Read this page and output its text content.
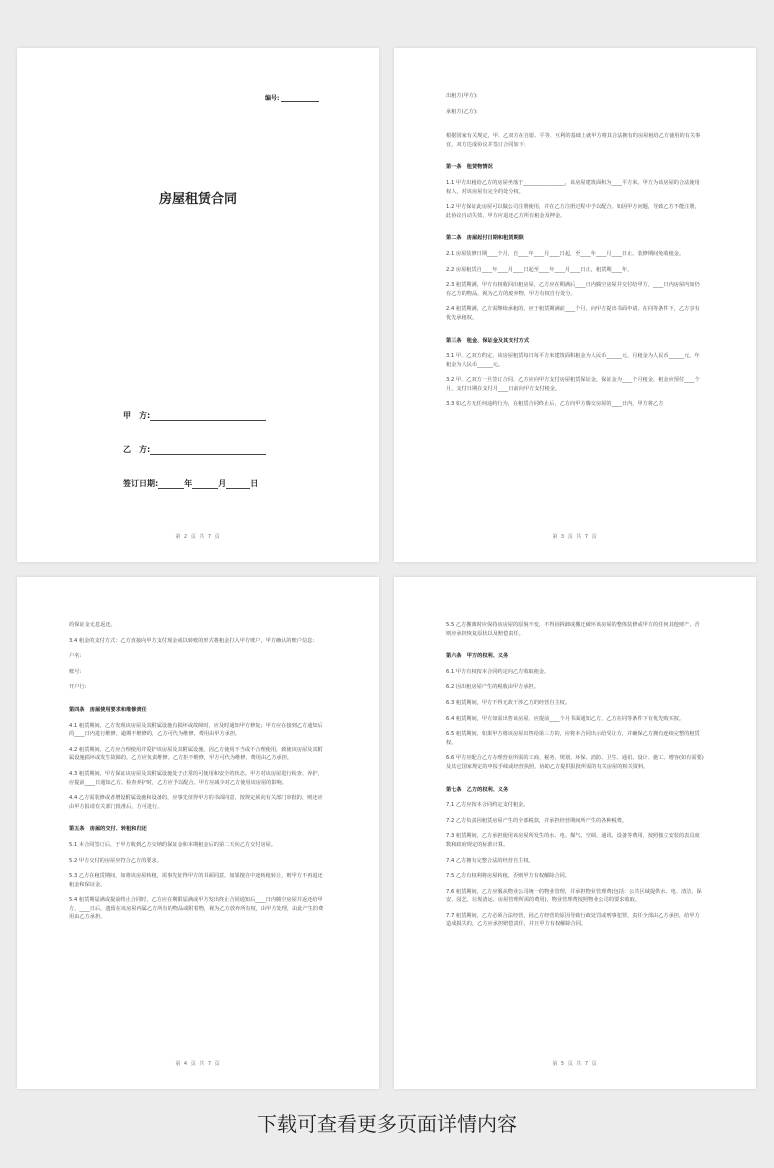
编号:
房屋租赁合同
甲　方:
乙　方:
签订日期:	年	月	日
第 2 页 共 7 页

出租方(甲方):

承租方(乙方):

根据国家有关规定，甲、乙双方在自愿、平等、互利的基础上就甲方将其合法拥有的房屋租给乙方使用的有关事宜，双方达成协议并签订合同如下:

第一条　租赁物情况

1.1 甲方出租给乙方的房屋坐落于________________，该房屋建筑面积为____平方米。甲方为该房屋的合法使用权人，对该房屋有完全的处分权。

1.2 甲方保证此房屋可以做公司注册使用，并在乙方注册过程中予以配合。如因甲方问题，导致乙方不能注册，此协议自动失效，甲方应退还乙方所有租金及押金。

第二条　房屋起付日期和租赁期限

2.1 房屋装修日期____个月，自____年____月____日起，至____年____月____日止。装修期间免收租金。

2.2 房屋租赁自____年____月____日起至____年____月____日止，租赁期____年。

2.3 租赁期满，甲方有权收回出租房屋，乙方应在期满后____日内腾空房屋并交付给甲方，____日内房屋内如仍有乙方的物品，视为乙方的废弃物，甲方有权自行处分。

2.4 租赁期满，乙方需继续承租的，应于租赁期满前____个月，向甲方提出书面申请。在同等条件下，乙方享有优先承租权。

第三条　租金、保证金及其支付方式

3.1 甲、乙双方约定，该房屋租赁每日每平方米建筑面积租金为人民币______元，月租金为人民币______元，年租金为人民币______元。

3.2 甲、乙双方一旦签订合同，乙方应向甲方支付房屋租赁保证金，保证金为____个月租金，租金应预付____个月，支付日期在支付月____日前向甲方支付租金。

3.3 如乙方无任何违约行为，在租赁合同终止后，乙方向甲方腾交房屋的____日内，甲方将乙方

第 3 页 共 7 页

的保证金无息返还。

3.4 租金的支付方式：乙方直接向甲方支付现金或以转账的形式将租金打入甲方账户，甲方确认的账户信息:

户名:

账号:

开户行:

第四条　房屋使用要求和维修责任

4.1 租赁期间，乙方发现该房屋及其附属设施有损坏或故障时，应及时通知甲方修复；甲方应在接到乙方通知后的____日内进行维修。逾期不维修的，乙方可代为维修，费用由甲方承担。

4.2 租赁期间，乙方应合理使用并爱护该房屋及其附属设施。因乙方使用不当或不合理使用，致使该房屋及其附属设施损坏或发生故障的，乙方应负责维修。乙方拒不维修，甲方可代为维修，费用由乙方承担。

4.3 租赁期间，甲方保证该房屋及其附属设施处于正常的可使用和安全的状态。甲方对该房屋进行检查、养护，应提前____日通知乙方。检查养护时，乙方应予以配合。甲方应减少对乙方使用该房屋的影响。

4.4 乙方需装修或者增设附属设施和设备的，应事先征得甲方的书面同意，按规定须向有关部门审批的，则还应由甲方报请有关部门批准后，方可进行。

第五条　房屋的交付、转租和归还

5.1 本合同签订后，于甲方收到乙方交纳的保证金和本期租金后的第二天向乙方交付房屋。

5.2 甲方交付的房屋应符合乙方的要求。

5.3 乙方在租赁期间，如将该房屋转租，需事先征得甲方的书面同意，如果擅自中途转租转让，则甲方不再退还租金和保证金。

5.4 租赁期届满或提前终止合同时，乙方应在期限届满或甲方发出终止合同通知后____日内腾空房屋并返还给甲方，____日后，遗留在该房屋内属乙方所有的物品或附着物，视为乙方放弃所有权，由甲方处理，由此产生的费用由乙方承担。

第 4 页 共 7 页

5.5 乙方搬离时应保持该房屋的原貌不变，不得因拆卸或搬迁破坏该房屋的整体装修或甲方的任何其他财产，否则应承担恢复原状以及赔偿责任。

第六条　甲方的权利、义务

6.1 甲方有权按本合同约定向乙方收取租金。

6.2 因出租房屋产生的税收由甲方承担。

6.3 租赁期间，甲方不得无故干涉乙方的经营自主权。

6.4 租赁期间，甲方如需出售该房屋，应提前____个月书面通知乙方，乙方在同等条件下有优先购买权。

6.5 租赁期间，如果甲方将该房屋出售给第三方的，应将本合同出示给受让方，并确保乙方拥有连续完整的租赁权。

6.6 甲方应配合乙方办理营业所需的工商、税务、规划、环保、消防、卫生、通讯、设计、施工、增容(如有需要)及其它国家规定的申报手续或经营执照，协助乙方提供报批所需的有关房屋的相关资料。

第七条　乙方的权利、义务

7.1 乙方应按本合同约定支付租金。

7.2 乙方负责因租赁房屋产生的全部税款，并承担经营期间所产生的各种税费。

7.3 租赁期间，乙方承担使用该房屋所发生的水、电、煤气、空调、通讯、设备等费用，按照独立安装的表具度数和政府规定的标准计算。

7.4 乙方拥有完整合法的经营自主权。

7.5 乙方有权利将房屋转租，否则甲方有权解除合同。

7.6 租赁期间，乙方应服从物业公司统一的物业管理，并承担物业管理费(包括：公共区域提供水、电、清洁、保安、园艺、垃圾清运、房屋管理所需的费用)，物业管理费按照物业公司的要求收取。

7.7 租赁期间，乙方必须合法经营，因乙方经营的原因导致行政处罚或刑事犯罪，责任全部由乙方承担，给甲方造成损失的，乙方应承担赔偿责任，并且甲方有权解除合同。

第 5 页 共 7 页
下载可查看更多页面详情内容
